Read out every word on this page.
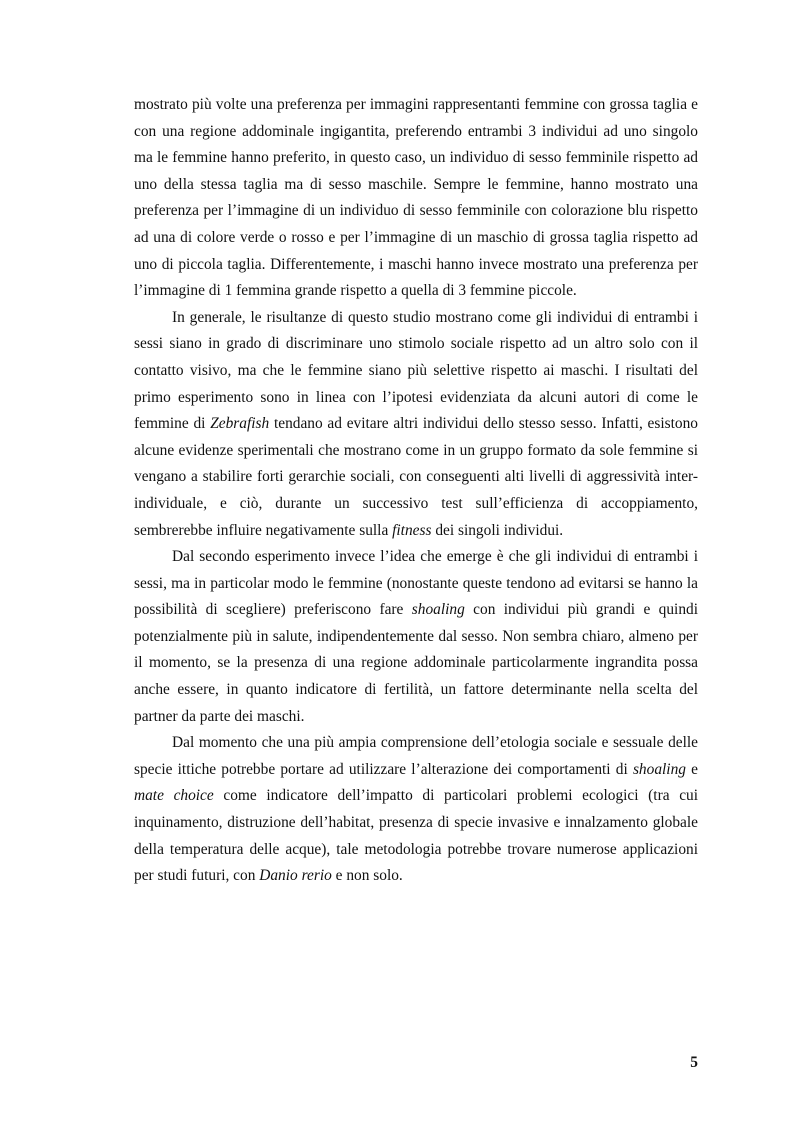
mostrato più volte una preferenza per immagini rappresentanti femmine con grossa taglia e con una regione addominale ingigantita, preferendo entrambi 3 individui ad uno singolo ma le femmine hanno preferito, in questo caso, un individuo di sesso femminile rispetto ad uno della stessa taglia ma di sesso maschile. Sempre le femmine, hanno mostrato una preferenza per l’immagine di un individuo di sesso femminile con colorazione blu rispetto ad una di colore verde o rosso e per l’immagine di un maschio di grossa taglia rispetto ad uno di piccola taglia. Differentemente, i maschi hanno invece mostrato una preferenza per l’immagine di 1 femmina grande rispetto a quella di 3 femmine piccole.

In generale, le risultanze di questo studio mostrano come gli individui di entrambi i sessi siano in grado di discriminare uno stimolo sociale rispetto ad un altro solo con il contatto visivo, ma che le femmine siano più selettive rispetto ai maschi. I risultati del primo esperimento sono in linea con l’ipotesi evidenziata da alcuni autori di come le femmine di Zebrafish tendano ad evitare altri individui dello stesso sesso. Infatti, esistono alcune evidenze sperimentali che mostrano come in un gruppo formato da sole femmine si vengano a stabilire forti gerarchie sociali, con conseguenti alti livelli di aggressività inter-individuale, e ciò, durante un successivo test sull’efficienza di accoppiamento, sembrerebbe influire negativamente sulla fitness dei singoli individui.

Dal secondo esperimento invece l’idea che emerge è che gli individui di entrambi i sessi, ma in particolar modo le femmine (nonostante queste tendono ad evitarsi se hanno la possibilità di scegliere) preferiscono fare shoaling con individui più grandi e quindi potenzialmente più in salute, indipendentemente dal sesso. Non sembra chiaro, almeno per il momento, se la presenza di una regione addominale particolarmente ingrandita possa anche essere, in quanto indicatore di fertilità, un fattore determinante nella scelta del partner da parte dei maschi.

Dal momento che una più ampia comprensione dell’etologia sociale e sessuale delle specie ittiche potrebbe portare ad utilizzare l’alterazione dei comportamenti di shoaling e mate choice come indicatore dell’impatto di particolari problemi ecologici (tra cui inquinamento, distruzione dell’habitat, presenza di specie invasive e innalzamento globale della temperatura delle acque), tale metodologia potrebbe trovare numerose applicazioni per studi futuri, con Danio rerio e non solo.

5
